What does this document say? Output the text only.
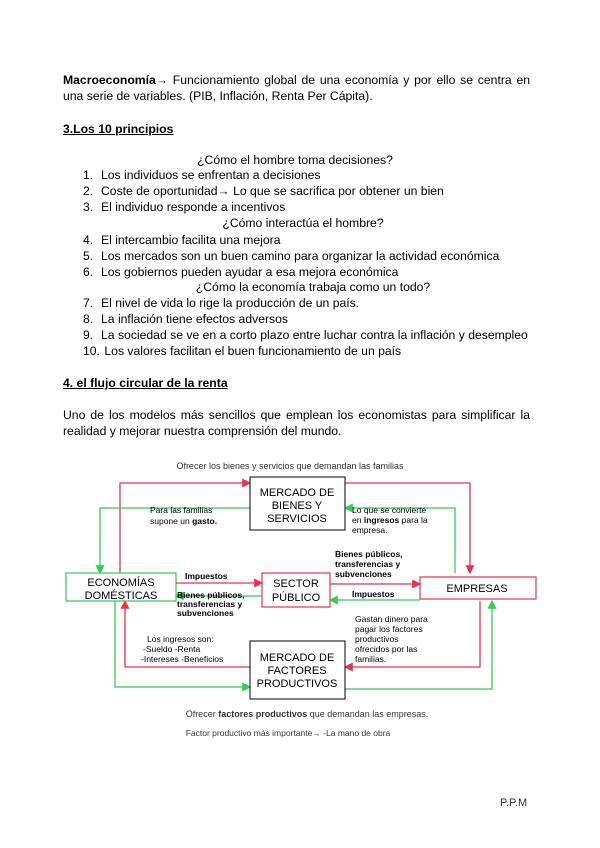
Macroeconomía→ Funcionamiento global de una economía y por ello se centra en
una serie de variables. (PIB, Inflación, Renta Per Cápita).
3.Los 10 principios
¿Cómo el hombre toma decisiones?
1. Los individuos se enfrentan a decisiones
2. Coste de oportunidad→ Lo que se sacrifica por obtener un bien
3. El individuo responde a incentivos
¿Cómo interactúa el hombre?
4. El intercambio facilita una mejora
5. Los mercados son un buen camino para organizar la actividad económica
6. Los gobiernos pueden ayudar a esa mejora económica
¿Cómo la economía trabaja como un todo?
7. El nivel de vida lo rige la producción de un país.
8. La inflación tiene efectos adversos
9. La sociedad se ve en a corto plazo entre luchar contra la inflación y desempleo
10. Los valores facilitan el buen funcionamiento de un país
4. el flujo circular de la renta
Uno de los modelos más sencillos que emplean los economistas para simplificar la
realidad y mejorar nuestra comprensión del mundo.
Ofrecer los bienes y servicios que demandan las familias
ECONOMÍAS
DOMÉSTICAS
EMPRESAS
MERCADO DE
BIENES Y
SERVICIOS
MERCADO DE
FACTORES
PRODUCTIVOS
SECTOR
PÚBLICO
Impuestos
Bienes públicos,
transferencias y
subvenciones
Bienes públicos,
transferencias y
subvenciones
Impuestos
Para las familias
supone un gasto.
Lo que se convierte
en ingresos para la
empresa.
Los ingresos son:
-Sueldo -Renta
-Intereses -Beneficios
Gastan dinero para
pagar los factores
productivos
ofrecidos por las
familias.
Ofrecer factores productivos que demandan las empresas.
Factor productivo más importante→ -La mano de obra
P.P.M
